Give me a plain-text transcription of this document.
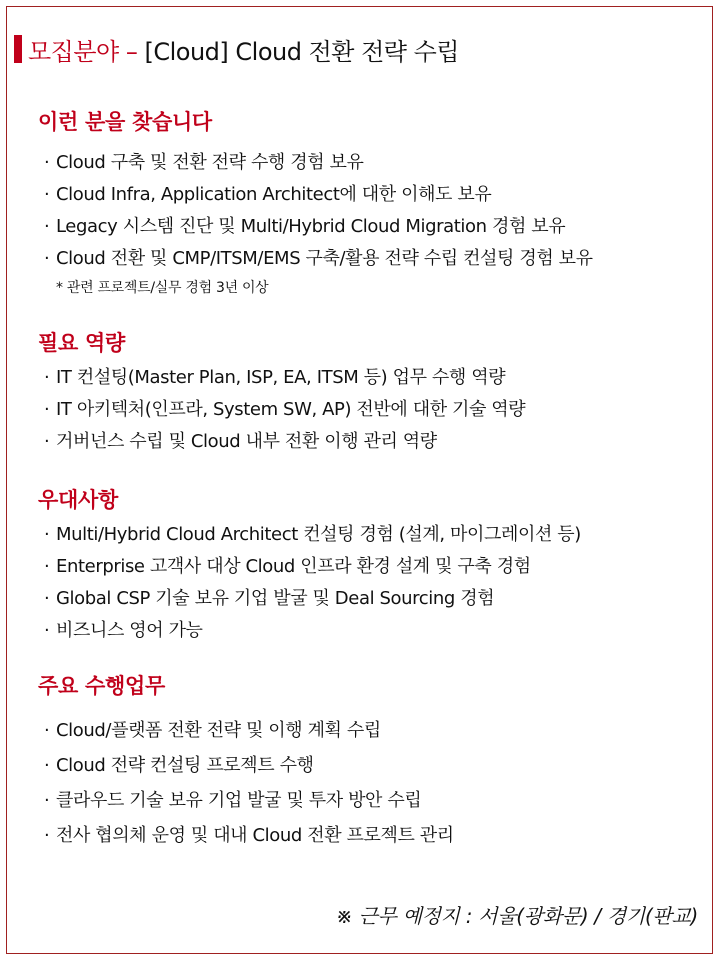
모집분야 – [Cloud] Cloud 전환 전략 수립
이런 분을 찾습니다
· Cloud 구축 및 전환 전략 수행 경험 보유
· Cloud Infra, Application Architect에 대한 이해도 보유
· Legacy 시스템 진단 및 Multi/Hybrid Cloud Migration 경험 보유
· Cloud 전환 및 CMP/ITSM/EMS 구축/활용 전략 수립 컨설팅 경험 보유
* 관련 프로젝트/실무 경험 3년 이상
필요 역량
· IT 컨설팅(Master Plan, ISP, EA, ITSM 등) 업무 수행 역량
· IT 아키텍처(인프라, System SW, AP) 전반에 대한 기술 역량
· 거버넌스 수립 및 Cloud 내부 전환 이행 관리 역량
우대사항
· Multi/Hybrid Cloud Architect 컨설팅 경험 (설계, 마이그레이션 등)
· Enterprise 고객사 대상 Cloud 인프라 환경 설계 및 구축 경험
· Global CSP 기술 보유 기업 발굴 및 Deal Sourcing 경험
· 비즈니스 영어 가능
주요 수행업무
· Cloud/플랫폼 전환 전략 및 이행 계획 수립
· Cloud 전략 컨설팅 프로젝트 수행
· 클라우드 기술 보유 기업 발굴 및 투자 방안 수립
· 전사 협의체 운영 및 대내 Cloud 전환 프로젝트 관리
※ 근무 예정지 : 서울(광화문) / 경기(판교)
